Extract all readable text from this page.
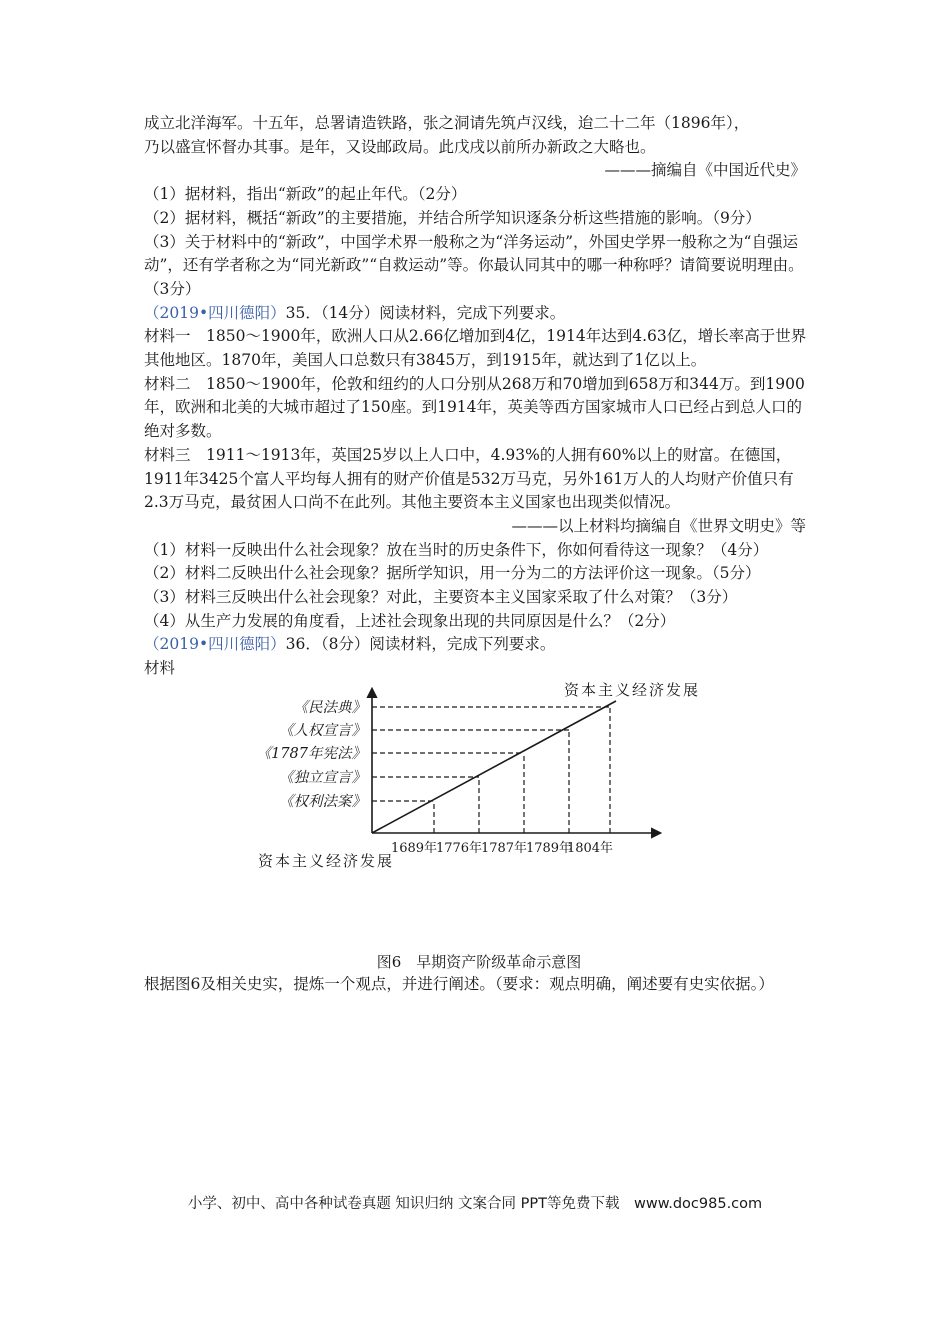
成立北洋海军。十五年，总署请造铁路，张之洞请先筑卢汉线，迨二十二年（1896年），
乃以盛宣怀督办其事。是年，又设邮政局。此戊戌以前所办新政之大略也。
———摘编自《中国近代史》
（1）据材料，指出“新政”的起止年代。（2分）
（2）据材料，概括“新政”的主要措施，并结合所学知识逐条分析这些措施的影响。（9分）
（3）关于材料中的“新政”，中国学术界一般称之为“洋务运动”，外国史学界一般称之为“自强运动”，还有学者称之为“同光新政”“自救运动”等。你最认同其中的哪一种称呼？请简要说明理由。（3分）
（2019•四川德阳）35．（14分）阅读材料，完成下列要求。
材料一　1850～1900年，欧洲人口从2.66亿增加到4亿，1914年达到4.63亿，增长率高于世界其他地区。1870年，美国人口总数只有3845万，到1915年，就达到了1亿以上。
材料二　1850～1900年，伦敦和纽约的人口分别从268万和70增加到658万和344万。到1900年，欧洲和北美的大城市超过了150座。到1914年，英美等西方国家城市人口已经占到总人口的绝对多数。
材料三　1911～1913年，英国25岁以上人口中，4.93%的人拥有60%以上的财富。在德国，1911年3425个富人平均每人拥有的财产价值是532万马克，另外161万人的人均财产价值只有2.3万马克，最贫困人口尚不在此列。其他主要资本主义国家也出现类似情况。
———以上材料均摘编自《世界文明史》等
（1）材料一反映出什么社会现象？放在当时的历史条件下，你如何看待这一现象？（4分）
（2）材料二反映出什么社会现象？据所学知识，用一分为二的方法评价这一现象。（5分）
（3）材料三反映出什么社会现象？对此，主要资本主义国家采取了什么对策？（3分）
（4）从生产力发展的角度看，上述社会现象出现的共同原因是什么？（2分）
（2019•四川德阳）36．（8分）阅读材料，完成下列要求。
材料
《权利法案》
《独立宣言》
《1787年宪法》
《人权宣言》
《民法典》
1689年
1776年
1787年
1789年
1804年
资本主义经济发展
资本主义经济发展
图6　早期资产阶级革命示意图
根据图6及相关史实，提炼一个观点，并进行阐述。（要求：观点明确，阐述要有史实依据。）
小学、初中、高中各种试卷真题 知识归纳 文案合同 PPT等免费下载　www.doc985.com
